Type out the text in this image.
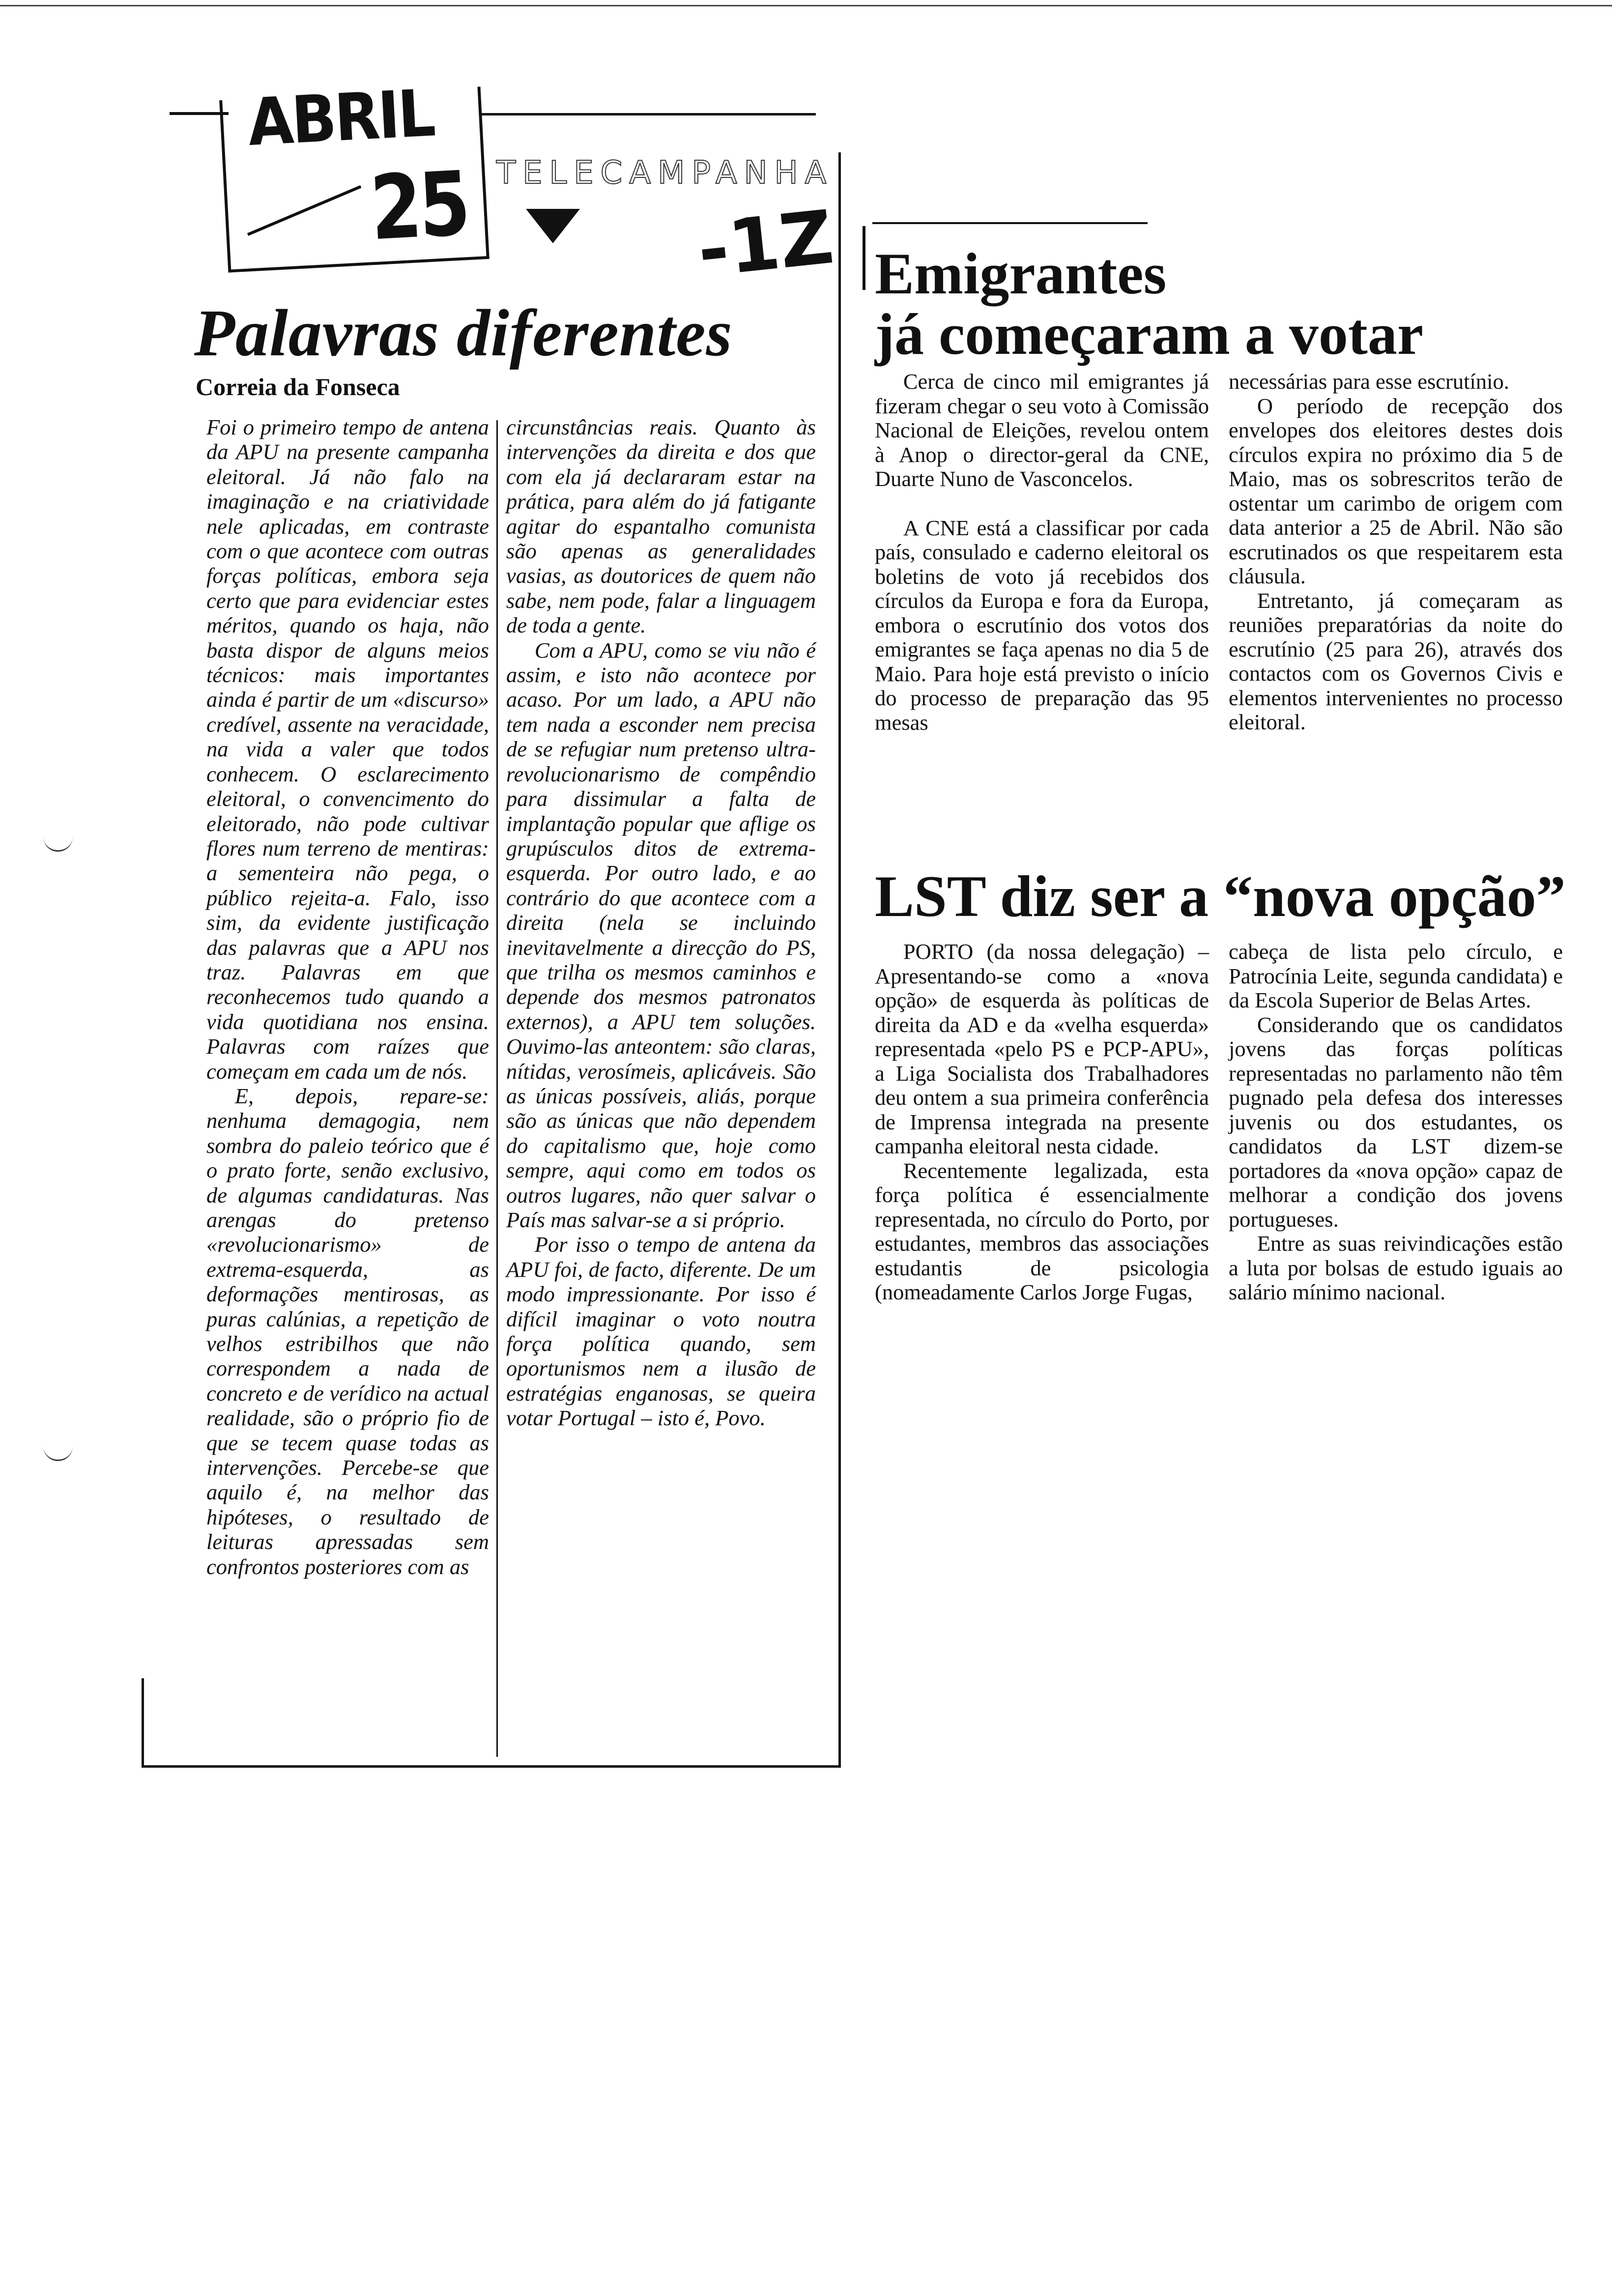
ABRIL
25 TELECAMPANHA
-1Z
Palavras diferentes
Correia da Fonseca

Foi o primeiro tempo de antena da APU na presente campanha eleitoral. Já não falo na imaginação e na criatividade nele aplicadas, em contraste com o que acontece com outras forças políticas, embora seja certo que para evidenciar estes méritos, quando os haja, não basta dispor de alguns meios técnicos: mais importantes ainda é partir de um «discurso» credível, assente na veracidade, na vida a valer que todos conhecem. O esclarecimento eleitoral, o convencimento do eleitorado, não pode cultivar flores num terreno de mentiras: a sementeira não pega, o público rejeita-a. Falo, isso sim, da evidente justificação das palavras que a APU nos traz. Palavras em que reconhecemos tudo quando a vida quotidiana nos ensina. Palavras com raízes que começam em cada um de nós.

E, depois, repare-se: nenhuma demagogia, nem sombra do paleio teórico que é o prato forte, senão exclusivo, de algumas candidaturas. Nas arengas do pretenso «revolucionarismo» de extrema-esquerda, as deformações mentirosas, as puras calúnias, a repetição de velhos estribilhos que não correspondem a nada de concreto e de verídico na actual realidade, são o próprio fio de que se tecem quase todas as intervenções. Percebe-se que aquilo é, na melhor das hipóteses, o resultado de leituras apressadas sem confrontos posteriores com as

circunstâncias reais. Quanto às intervenções da direita e dos que com ela já declararam estar na prática, para além do já fatigante agitar do espantalho comunista são apenas as generalidades vasias, as doutorices de quem não sabe, nem pode, falar a linguagem de toda a gente.

Com a APU, como se viu não é assim, e isto não acontece por acaso. Por um lado, a APU não tem nada a esconder nem precisa de se refugiar num pretenso ultra-revolucionarismo de compêndio para dissimular a falta de implantação popular que aflige os grupúsculos ditos de extrema-esquerda. Por outro lado, e ao contrário do que acontece com a direita (nela se incluindo inevitavelmente a direcção do PS, que trilha os mesmos caminhos e depende dos mesmos patronatos externos), a APU tem soluções. Ouvimo-las anteontem: são claras, nítidas, verosímeis, aplicáveis. São as únicas possíveis, aliás, porque são as únicas que não dependem do capitalismo que, hoje como sempre, aqui como em todos os outros lugares, não quer salvar o País mas salvar-se a si próprio.

Por isso o tempo de antena da APU foi, de facto, diferente. De um modo impressionante. Por isso é difícil imaginar o voto noutra força política quando, sem oportunismos nem a ilusão de estratégias enganosas, se queira votar Portugal – isto é, Povo.

Emigrantes
já começaram a votar

Cerca de cinco mil emigrantes já fizeram chegar o seu voto à Comissão Nacional de Eleições, revelou ontem à Anop o director-geral da CNE, Duarte Nuno de Vasconcelos.

A CNE está a classificar por cada país, consulado e caderno eleitoral os boletins de voto já recebidos dos círculos da Europa e fora da Europa, embora o escrutínio dos votos dos emigrantes se faça apenas no dia 5 de Maio. Para hoje está previsto o início do processo de preparação das 95 mesas

necessárias para esse escrutínio.

O período de recepção dos envelopes dos eleitores destes dois círculos expira no próximo dia 5 de Maio, mas os sobrescritos terão de ostentar um carimbo de origem com data anterior a 25 de Abril. Não são escrutinados os que respeitarem esta cláusula.

Entretanto, já começaram as reuniões preparatórias da noite do escrutínio (25 para 26), através dos contactos com os Governos Civis e elementos intervenientes no processo eleitoral.

LST diz ser a “nova opção”

PORTO (da nossa delegação) – Apresentando-se como a «nova opção» de esquerda às políticas de direita da AD e da «velha esquerda» representada «pelo PS e PCP-APU», a Liga Socialista dos Trabalhadores deu ontem a sua primeira conferência de Imprensa integrada na presente campanha eleitoral nesta cidade.

Recentemente legalizada, esta força política é essencialmente representada, no círculo do Porto, por estudantes, membros das associações estudantis de psicologia (nomeadamente Carlos Jorge Fugas,

cabeça de lista pelo círculo, e Patrocínia Leite, segunda candidata) e da Escola Superior de Belas Artes.

Considerando que os candidatos jovens das forças políticas representadas no parlamento não têm pugnado pela defesa dos interesses juvenis ou dos estudantes, os candidatos da LST dizem-se portadores da «nova opção» capaz de melhorar a condição dos jovens portugueses.

Entre as suas reivindicações estão a luta por bolsas de estudo iguais ao salário mínimo nacional.
